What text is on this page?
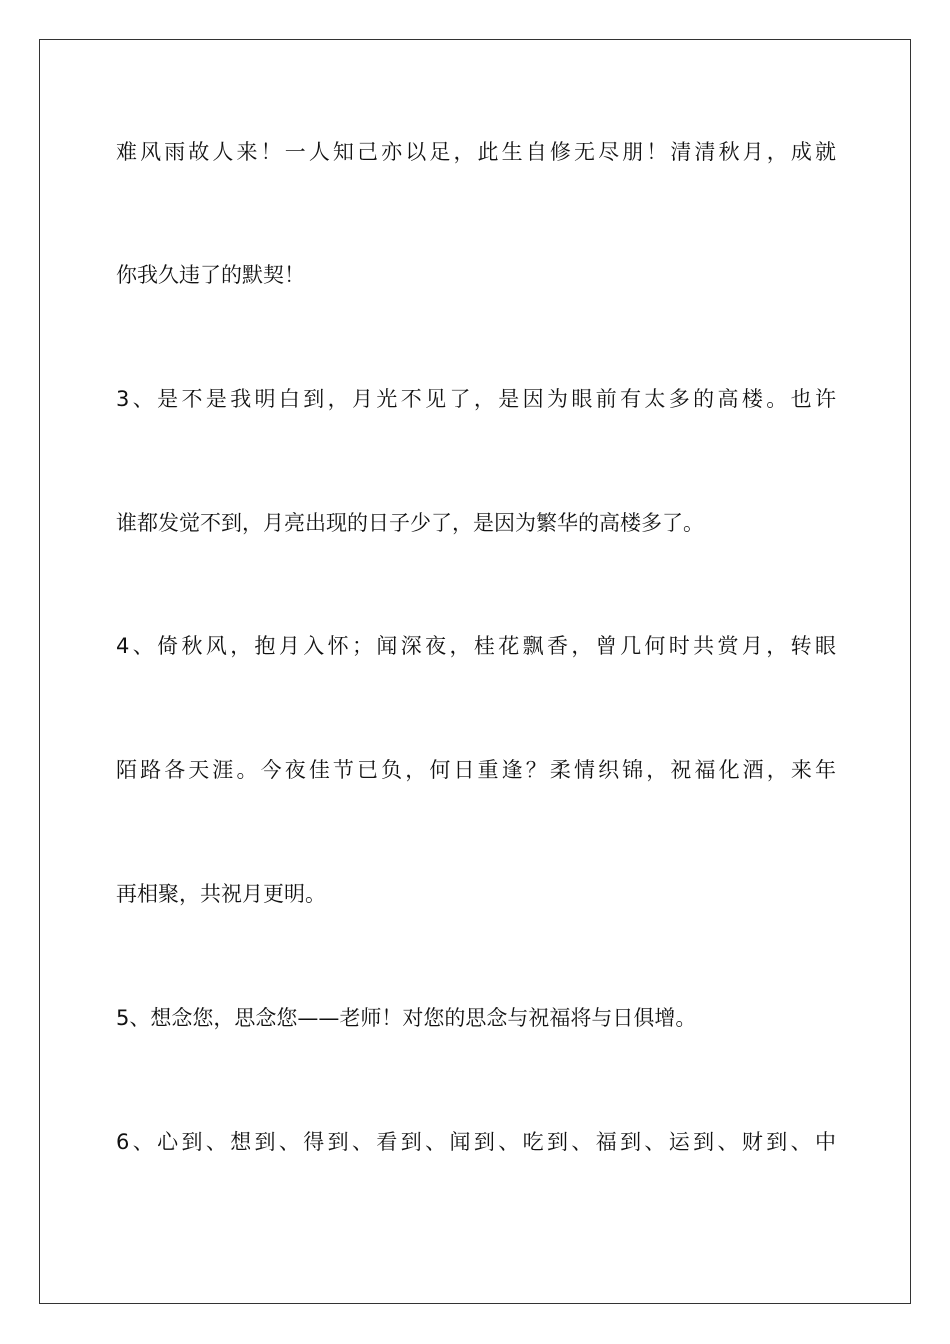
难风雨故人来！一人知己亦以足，此生自修无尽朋！清清秋月，成就
你我久违了的默契！
3、是不是我明白到，月光不见了，是因为眼前有太多的高楼。也许
谁都发觉不到，月亮出现的日子少了，是因为繁华的高楼多了。
4、倚秋风，抱月入怀；闻深夜，桂花飘香，曾几何时共赏月，转眼
陌路各天涯。今夜佳节已负，何日重逢？柔情织锦，祝福化酒，来年
再相聚，共祝月更明。
5、想念您，思念您——老师！对您的思念与祝福将与日俱增。
6、心到、想到、得到、看到、闻到、吃到、福到、运到、财到、中
